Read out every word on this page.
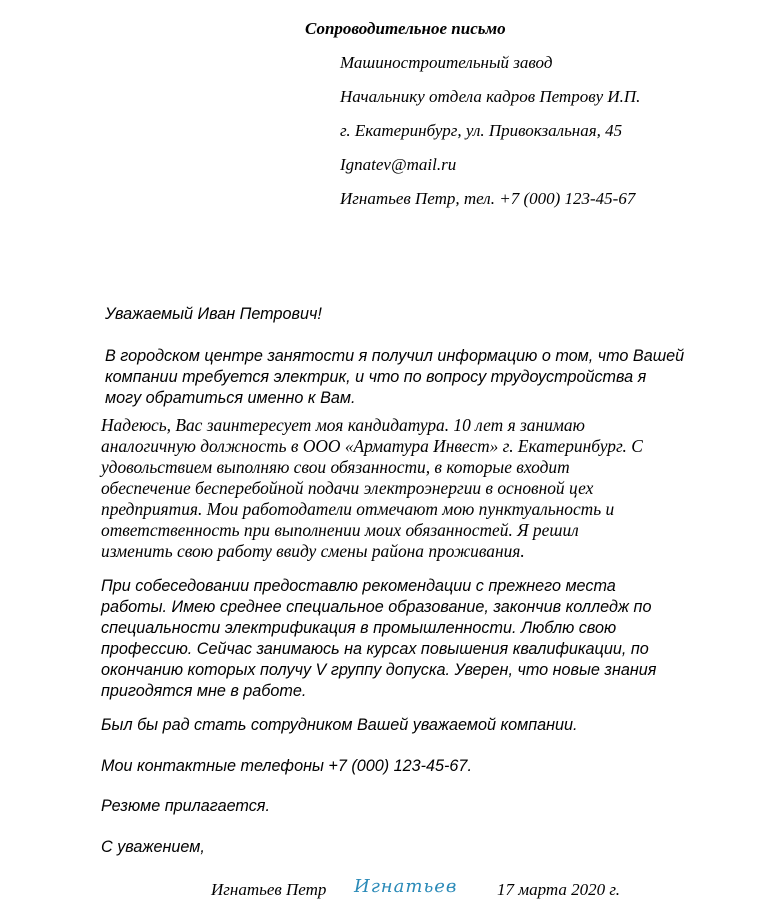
Сопроводительное письмо
Машиностроительный завод
Начальнику отдела кадров Петрову И.П.
г. Екатеринбург, ул. Привокзальная, 45
Ignatev@mail.ru
Игнатьев Петр, тел. +7 (000) 123-45-67
Уважаемый Иван Петрович!
В городском центре занятости я получил информацию о том, что Вашей
компании требуется электрик, и что по вопросу трудоустройства я
могу обратиться именно к Вам.
Надеюсь, Вас заинтересует моя кандидатура. 10 лет я занимаю
аналогичную должность в ООО «Арматура Инвест» г. Екатеринбург. С
удовольствием выполняю свои обязанности, в которые входит
обеспечение бесперебойной подачи электроэнергии в основной цех
предприятия. Мои работодатели отмечают мою пунктуальность и
ответственность при выполнении моих обязанностей. Я решил
изменить свою работу ввиду смены района проживания.
При собеседовании предоставлю рекомендации с прежнего места
работы. Имею среднее специальное образование, закончив колледж по
специальности электрификация в промышленности. Люблю свою
профессию. Сейчас занимаюсь на курсах повышения квалификации, по
окончанию которых получу V группу допуска. Уверен, что новые знания
пригодятся мне в работе.
Был бы рад стать сотрудником Вашей уважаемой компании.
Мои контактные телефоны +7 (000) 123-45-67.
Резюме прилагается.
С уважением,
Игнатьев Петр Игнатьев 17 марта 2020 г.
